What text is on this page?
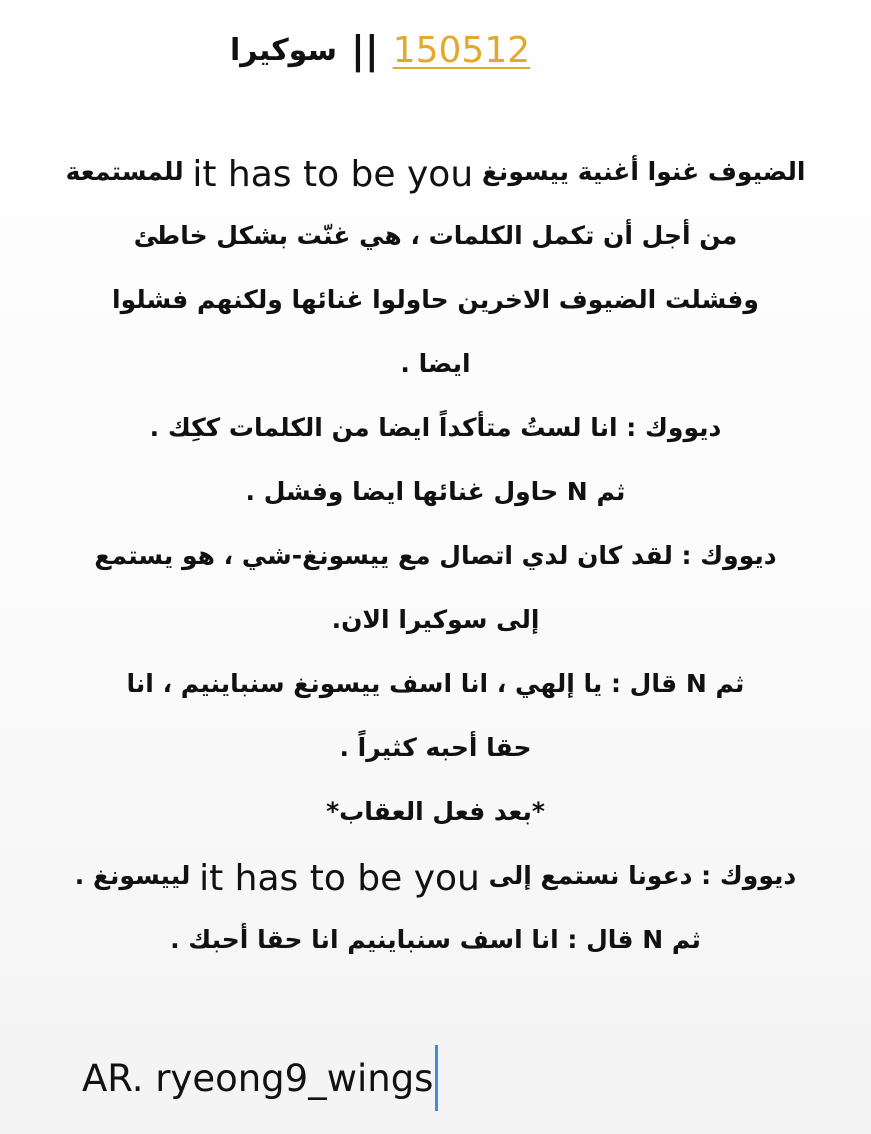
150512
||
سوكيرا
الضيوف غنوا أغنية ييسونغ it has to be you للمستمعة
من أجل أن تكمل الكلمات ، هي غنّت بشكل خاطئ
وفشلت الضيوف الاخرين حاولوا غنائها ولكنهم فشلوا
ايضا .
ديووك : انا لستُ متأكداً ايضا من الكلمات ككِك .
ثم N حاول غنائها ايضا وفشل .
ديووك : لقد كان لدي اتصال مع ييسونغ-شي ، هو يستمع
إلى سوكيرا الان.
ثم N قال : يا إلهي ، انا اسف ييسونغ سنباينيم ، انا
حقا أحبه كثيراً .
*بعد فعل العقاب*
ديووك : دعونا نستمع إلى it has to be you لييسونغ .
ثم N قال : انا اسف سنباينيم انا حقا أحبك .
AR. ryeong9_wings
